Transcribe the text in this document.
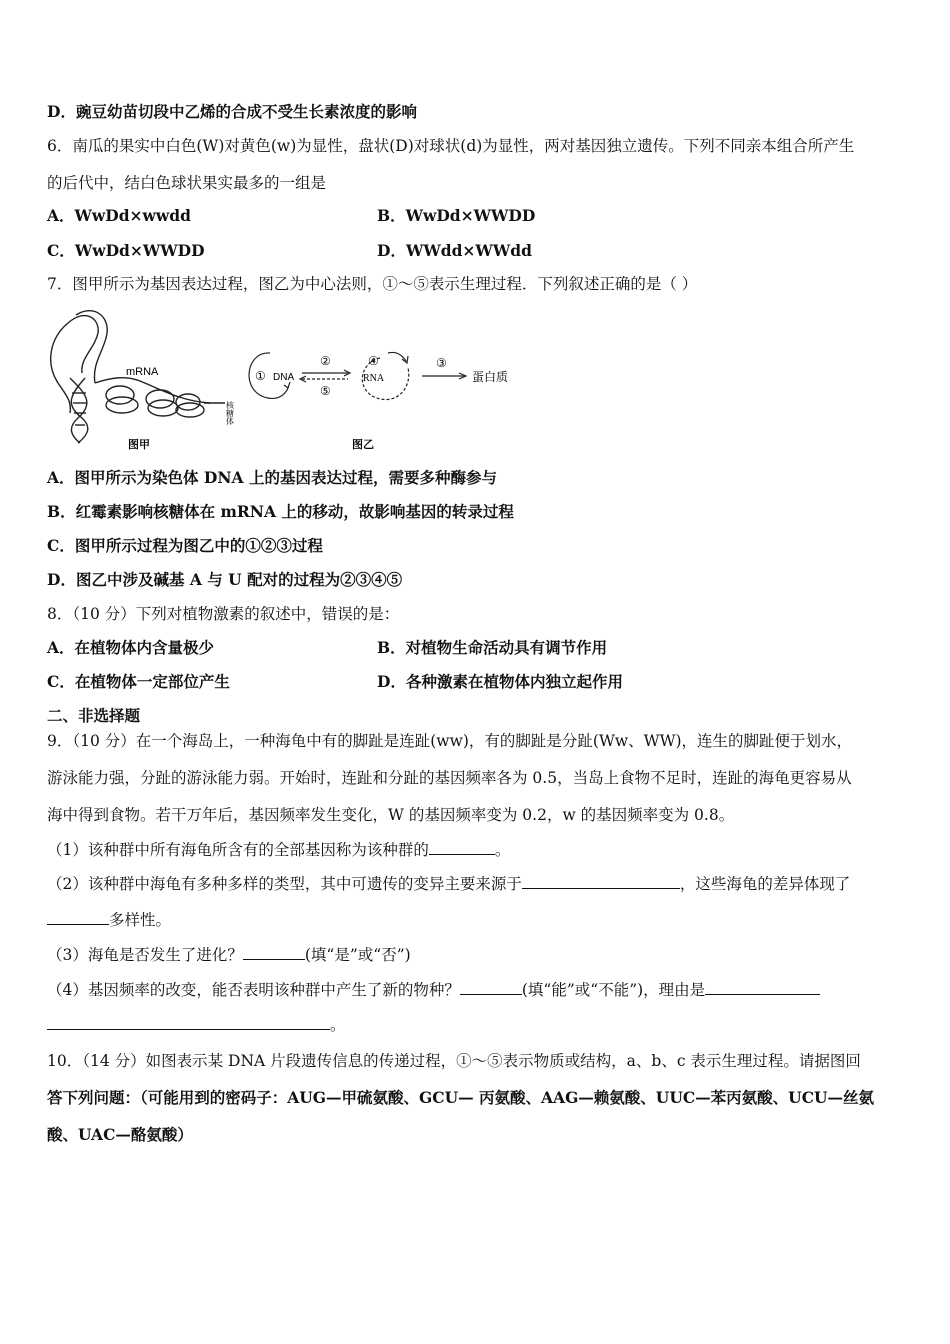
D．豌豆幼苗切段中乙烯的合成不受生长素浓度的影响
6．南瓜的果实中白色(W)对黄色(w)为显性，盘状(D)对球状(d)为显性，两对基因独立遗传。下列不同亲本组合所产生
的后代中，结白色球状果实最多的一组是
A．WwDd×wwdd	B．WwDd×WWDD
C．WwDd×WWDD	D．WWdd×WWdd
7．图甲所示为基因表达过程，图乙为中心法则，①～⑤表示生理过程．下列叙述正确的是（ ）
mRNA
核糖体
图甲
① DNA
②
⑤
④
RNA
③
蛋白质
图乙
A．图甲所示为染色体 DNA 上的基因表达过程，需要多种酶参与
B．红霉素影响核糖体在 mRNA 上的移动，故影响基因的转录过程
C．图甲所示过程为图乙中的①②③过程
D．图乙中涉及碱基 A 与 U 配对的过程为②③④⑤
8．（10 分）下列对植物激素的叙述中，错误的是：
A．在植物体内含量极少	B．对植物生命活动具有调节作用
C．在植物体一定部位产生	D．各种激素在植物体内独立起作用
二、非选择题
9．（10 分）在一个海岛上，一种海龟中有的脚趾是连趾(ww)，有的脚趾是分趾(Ww、WW)，连生的脚趾便于划水，
游泳能力强，分趾的游泳能力弱。开始时，连趾和分趾的基因频率各为 0.5，当岛上食物不足时，连趾的海龟更容易从
海中得到食物。若干万年后，基因频率发生变化，W 的基因频率变为 0.2，w 的基因频率变为 0.8。
（1）该种群中所有海龟所含有的全部基因称为该种群的	。
（2）该种群中海龟有多种多样的类型，其中可遗传的变异主要来源于	，这些海龟的差异体现了
多样性。
（3）海龟是否发生了进化？	(填“是”或“否”)
（4）基因频率的改变，能否表明该种群中产生了新的物种？	(填“能”或“不能”)，理由是
。
10．（14 分）如图表示某 DNA 片段遗传信息的传递过程，①～⑤表示物质或结构，a、b、c 表示生理过程。请据图回
答下列问题：（可能用到的密码子：AUG—甲硫氨酸、GCU— 丙氨酸、AAG—赖氨酸、UUC—苯丙氨酸、UCU—丝氨
酸、UAC—酪氨酸）
